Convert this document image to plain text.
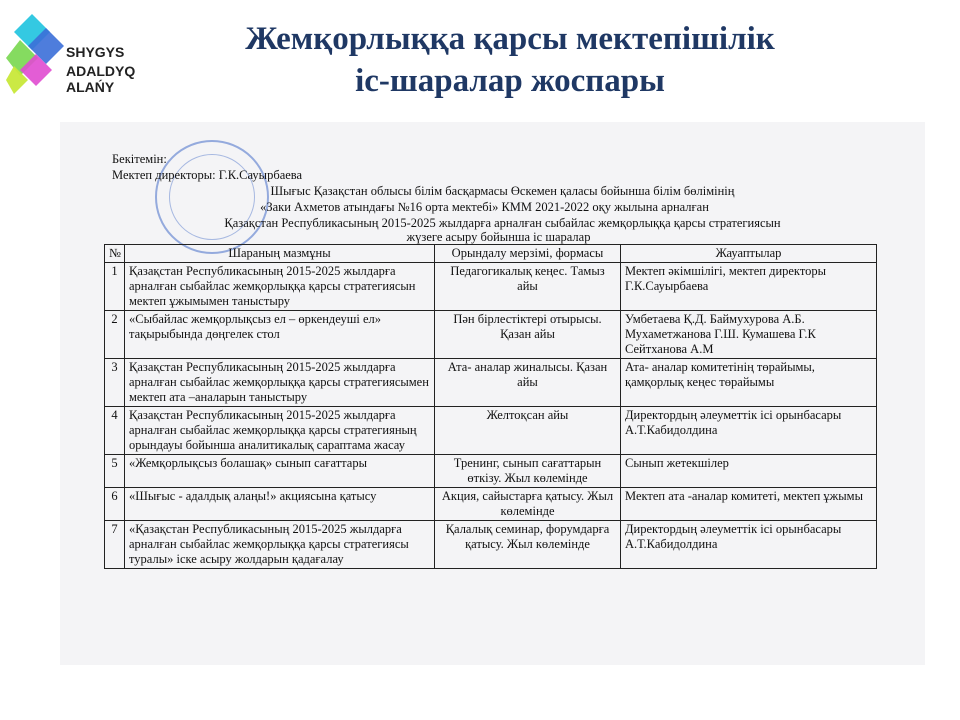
SHYGYS
ADALDYQ ALAŃY
Жемқорлыққа қарсы мектепішілік
іс-шаралар жоспары
Бекітемін:
Мектеп директоры: Г.К.Сауырбаева
Шығыс Қазақстан облысы білім басқармасы Өскемен қаласы бойынша білім бөлімінің
«Заки Ахметов атындағы №16 орта мектебі» КММ 2021-2022 оқу жылына арналған
Қазақстан Республикасының 2015-2025 жылдарға арналған сыбайлас жемқорлыққа қарсы стратегиясын
жүзеге асыру бойынша іс шаралар
№	Шараның мазмұны	Орындалу мерзімі, формасы	Жауаптылар
1	Қазақстан Республикасының 2015-2025 жылдарға арналған сыбайлас жемқорлыққа қарсы стратегиясын мектеп ұжымымен таныстыру	Педагогикалық кеңес. Тамыз айы	Мектеп әкімшілігі, мектеп директоры Г.К.Сауырбаева
2	«Сыбайлас жемқорлықсыз ел – өркендеуші ел» тақырыбында дөңгелек стол	Пән бірлестіктері отырысы. Қазан айы	Умбетаева Қ.Д. Баймухурова А.Б. Мухаметжанова Г.Ш. Кумашева Г.К Сейтханова А.М
3	Қазақстан Республикасының 2015-2025 жылдарға арналған сыбайлас жемқорлыққа қарсы стратегиясымен мектеп ата –аналарын таныстыру	Ата- аналар жиналысы. Қазан айы	Ата- аналар комитетінің төрайымы, қамқорлық кеңес төрайымы
4	Қазақстан Республикасының 2015-2025 жылдарға арналған сыбайлас жемқорлыққа қарсы стратегияның орындауы бойынша аналитикалық сараптама жасау	Желтоқсан айы	Директордың әлеуметтік ісі орынбасары А.Т.Кабидолдина
5	«Жемқорлықсыз болашақ» сынып сағаттары	Тренинг, сынып сағаттарын өткізу. Жыл көлемінде	Сынып жетекшілер
6	«Шығыс - адалдық алаңы!» акциясына қатысу	Акция, сайыстарға қатысу. Жыл көлемінде	Мектеп ата -аналар комитеті, мектеп ұжымы
7	«Қазақстан Республикасының 2015-2025 жылдарға арналған сыбайлас жемқорлыққа қарсы стратегиясы туралы» іске асыру жолдарын қадағалау	Қалалық семинар, форумдарға қатысу. Жыл көлемінде	Директордың әлеуметтік ісі орынбасары А.Т.Кабидолдина
